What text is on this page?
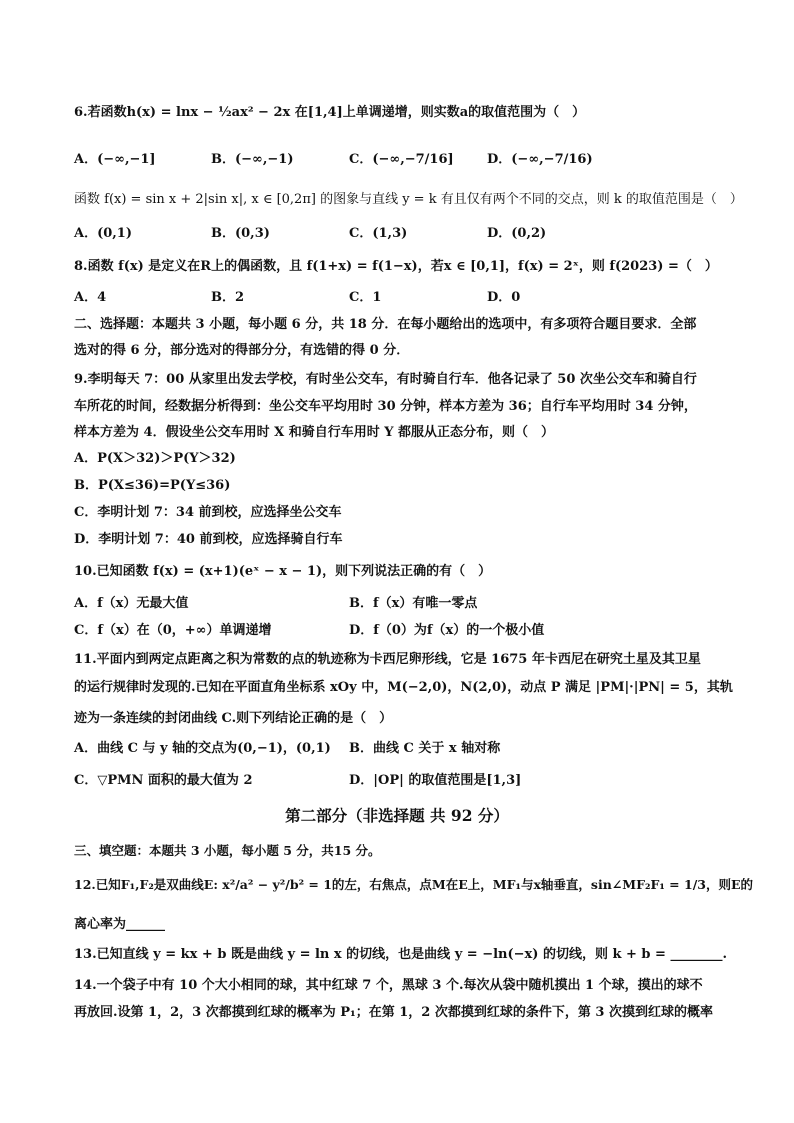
6.若函数h(x) = lnx − ½ax² − 2x 在[1,4]上单调递增，则实数a的取值范围为（　）
A．(−∞,−1]	B．(−∞,−1)	C．(−∞,−7/16]	D．(−∞,−7/16)
函数 f(x) = sin x + 2|sin x|, x ∈ [0,2π] 的图象与直线 y = k 有且仅有两个不同的交点，则 k 的取值范围是（　）
A．(0,1)	B．(0,3)	C．(1,3)	D．(0,2)
8.函数 f(x) 是定义在R上的偶函数，且 f(1+x) = f(1−x)，若x ∈ [0,1]，f(x) = 2ˣ，则 f(2023) =（　）
A．4	B．2	C．1	D．0
二、选择题：本题共 3 小题，每小题 6 分，共 18 分．在每小题给出的选项中，有多项符合题目要求．全部
选对的得 6 分，部分选对的得部分分，有选错的得 0 分．
9.李明每天 7：00 从家里出发去学校，有时坐公交车，有时骑自行车．他各记录了 50 次坐公交车和骑自行
车所花的时间，经数据分析得到：坐公交车平均用时 30 分钟，样本方差为 36；自行车平均用时 34 分钟，
样本方差为 4．假设坐公交车用时 X 和骑自行车用时 Y 都服从正态分布，则（　）
A．P(X＞32)＞P(Y＞32)
B．P(X≤36)=P(Y≤36)
C．李明计划 7：34 前到校，应选择坐公交车
D．李明计划 7：40 前到校，应选择骑自行车
10.已知函数 f(x) = (x+1)(eˣ − x − 1)，则下列说法正确的有（　）
A．f（x）无最大值	B．f（x）有唯一零点
C．f（x）在（0，+∞）单调递增	D．f（0）为f（x）的一个极小值
11.平面内到两定点距离之积为常数的点的轨迹称为卡西尼卵形线，它是 1675 年卡西尼在研究土星及其卫星
的运行规律时发现的.已知在平面直角坐标系 xOy 中，M(−2,0)，N(2,0)，动点 P 满足 |PM|·|PN| = 5，其轨
迹为一条连续的封闭曲线 C.则下列结论正确的是（　）
A．曲线 C 与 y 轴的交点为(0,−1)，(0,1) B．曲线 C 关于 x 轴对称
C．▽PMN 面积的最大值为 2	D．|OP| 的取值范围是[1,3]
第二部分（非选择题 共 92 分）
三、填空题：本题共 3 小题，每小题 5 分，共15 分。
12.已知F₁,F₂是双曲线E: x²/a² − y²/b² = 1的左，右焦点，点M在E上，MF₁与x轴垂直，sin∠MF₂F₁ = 1/3，则E的
离心率为______
13.已知直线 y = kx + b 既是曲线 y = ln x 的切线，也是曲线 y = −ln(−x) 的切线，则 k + b = ________.
14.一个袋子中有 10 个大小相同的球，其中红球 7 个，黑球 3 个.每次从袋中随机摸出 1 个球，摸出的球不
再放回.设第 1，2，3 次都摸到红球的概率为 P₁；在第 1，2 次都摸到红球的条件下，第 3 次摸到红球的概率
